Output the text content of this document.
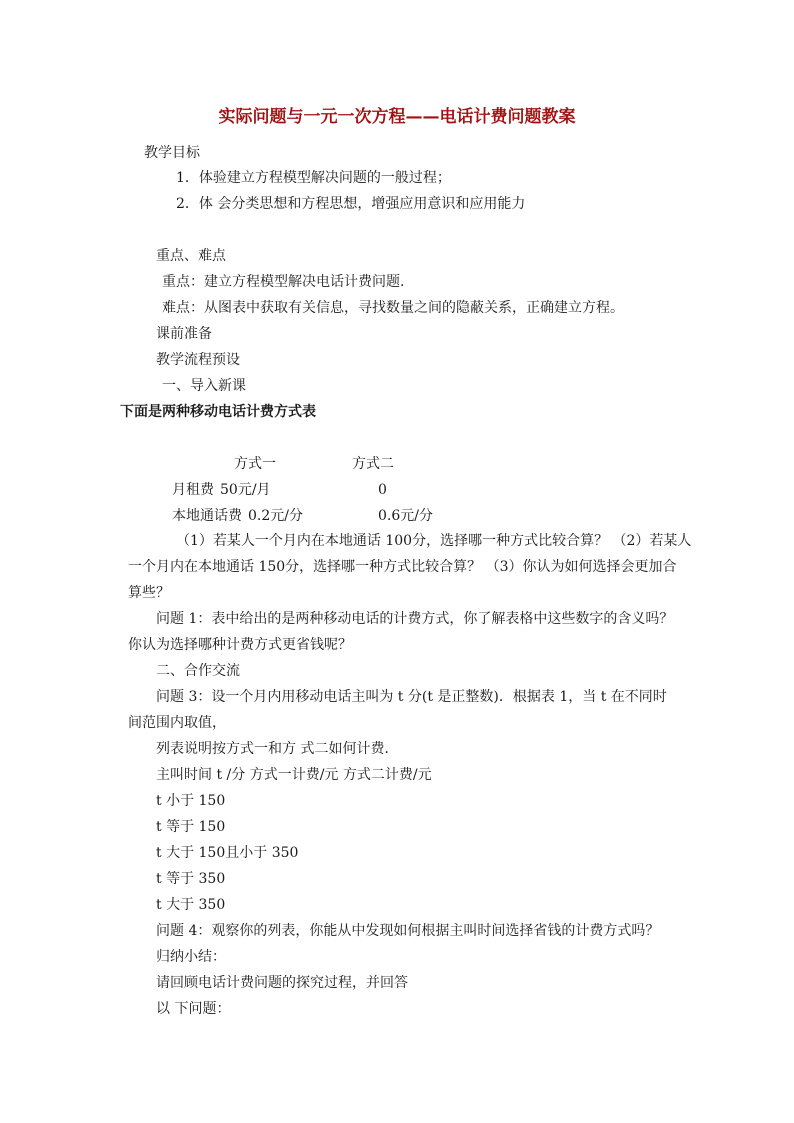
实际问题与一元一次方程——电话计费问题教案
教学目标
1．体验建立方程模型解决问题的一般过程；
2．体 会分类思想和方程思想，增强应用意识和应用能力
重点、难点
重点：建立方程模型解决电话计费问题.
难点：从图表中获取有关信息，寻找数量之间的隐蔽关系，正确建立方程。
课前准备
教学流程预设
一、导入新课
下面是两种移动电话计费方式表
方式一	方式二
月租费 50元/月	0
本地通话费 0.2元/分	0.6元/分
（1）若某人一个月内在本地通话 100分，选择哪一种方式比较合算？ （2）若某人
一个月内在本地通话 150分，选择哪一种方式比较合算？ （3）你认为如何选择会更加合
算些？
问题 1：表中给出的是两种移动电话的计费方式，你了解表格中这些数字的含义吗？
你认为选择哪种计费方式更省钱呢？
二、合作交流
问题 3：设一个月内用移动电话主叫为 t 分(t 是正整数)．根据表 1，当 t 在不同时
间范围内取值，
列表说明按方式一和方 式二如何计费．
主叫时间 t /分 方式一计费/元 方式二计费/元
t 小于 150
t 等于 150
t 大于 150且小于 350
t 等于 350
t 大于 350
问题 4：观察你的列表，你能从中发现如何根据主叫时间选择省钱的计费方式吗？
归纳小结：
请回顾电话计费问题的探究过程，并回答
以 下问题：
